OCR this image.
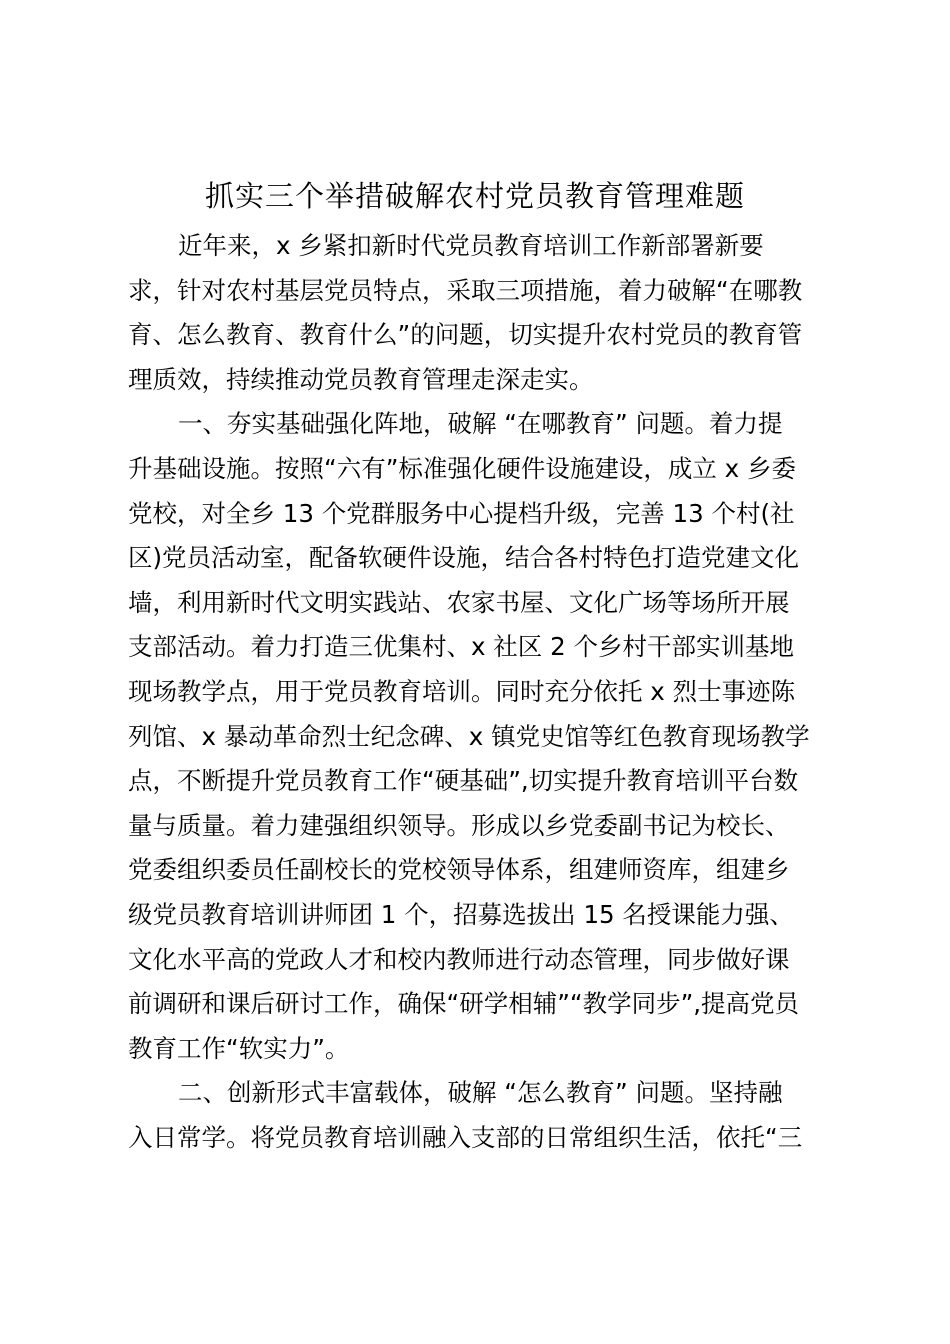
抓实三个举措破解农村党员教育管理难题
近年来，x 乡紧扣新时代党员教育培训工作新部署新要
求，针对农村基层党员特点，采取三项措施，着力破解“在哪教
育、怎么教育、教育什么”的问题，切实提升农村党员的教育管
理质效，持续推动党员教育管理走深走实。
一、夯实基础强化阵地，破解 “在哪教育” 问题。着力提
升基础设施。按照“六有”标准强化硬件设施建设，成立 x 乡委
党校，对全乡 13 个党群服务中心提档升级，完善 13 个村(社
区)党员活动室，配备软硬件设施，结合各村特色打造党建文化
墙，利用新时代文明实践站、农家书屋、文化广场等场所开展
支部活动。着力打造三优集村、x 社区 2 个乡村干部实训基地
现场教学点，用于党员教育培训。同时充分依托 x 烈士事迹陈
列馆、x 暴动革命烈士纪念碑、x 镇党史馆等红色教育现场教学
点，不断提升党员教育工作“硬基础”,切实提升教育培训平台数
量与质量。着力建强组织领导。形成以乡党委副书记为校长、
党委组织委员任副校长的党校领导体系，组建师资库，组建乡
级党员教育培训讲师团 1 个，招募选拔出 15 名授课能力强、
文化水平高的党政人才和校内教师进行动态管理，同步做好课
前调研和课后研讨工作，确保“研学相辅”“教学同步”,提高党员
教育工作“软实力”。
二、创新形式丰富载体，破解 “怎么教育” 问题。坚持融
入日常学。将党员教育培训融入支部的日常组织生活，依托“三
